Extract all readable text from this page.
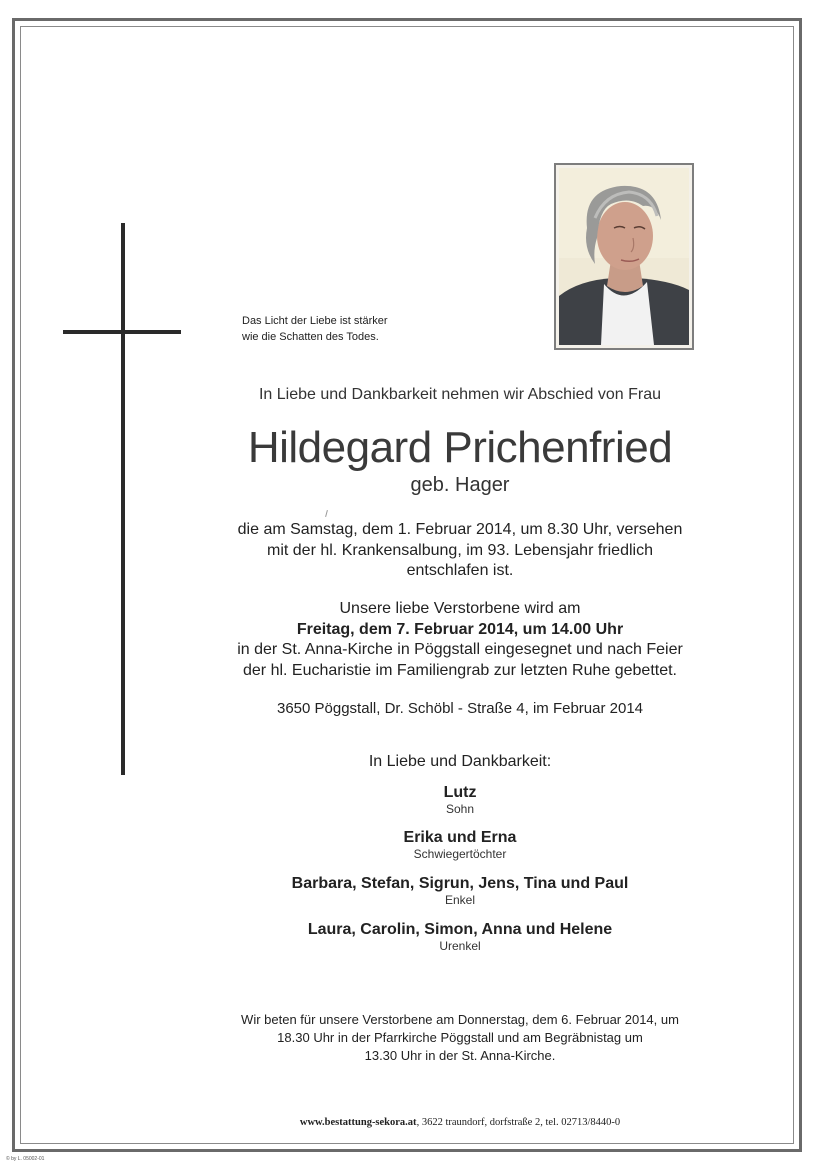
Das Licht der Liebe ist stärker
wie die Schatten des Todes.
In Liebe und Dankbarkeit nehmen wir Abschied von Frau
Hildegard Prichenfried
geb. Hager
die am Samstag, dem 1. Februar 2014, um 8.30 Uhr, versehen
mit der hl. Krankensalbung, im 93. Lebensjahr friedlich
entschlafen ist.
Unsere liebe Verstorbene wird am
Freitag, dem 7. Februar 2014, um 14.00 Uhr
in der St. Anna-Kirche in Pöggstall eingesegnet und nach Feier
der hl. Eucharistie im Familiengrab zur letzten Ruhe gebettet.
3650 Pöggstall, Dr. Schöbl - Straße 4, im Februar 2014
In Liebe und Dankbarkeit:
Lutz
Sohn
Erika und Erna
Schwiegertöchter
Barbara, Stefan, Sigrun, Jens, Tina und Paul
Enkel
Laura, Carolin, Simon, Anna und Helene
Urenkel
Wir beten für unsere Verstorbene am Donnerstag, dem 6. Februar 2014, um
18.30 Uhr in der Pfarrkirche Pöggstall und am Begräbnistag um
13.30 Uhr in der St. Anna-Kirche.
www.bestattung-sekora.at, 3622 traundorf, dorfstraße 2, tel. 02713/8440-0
© by L. 05002-01
